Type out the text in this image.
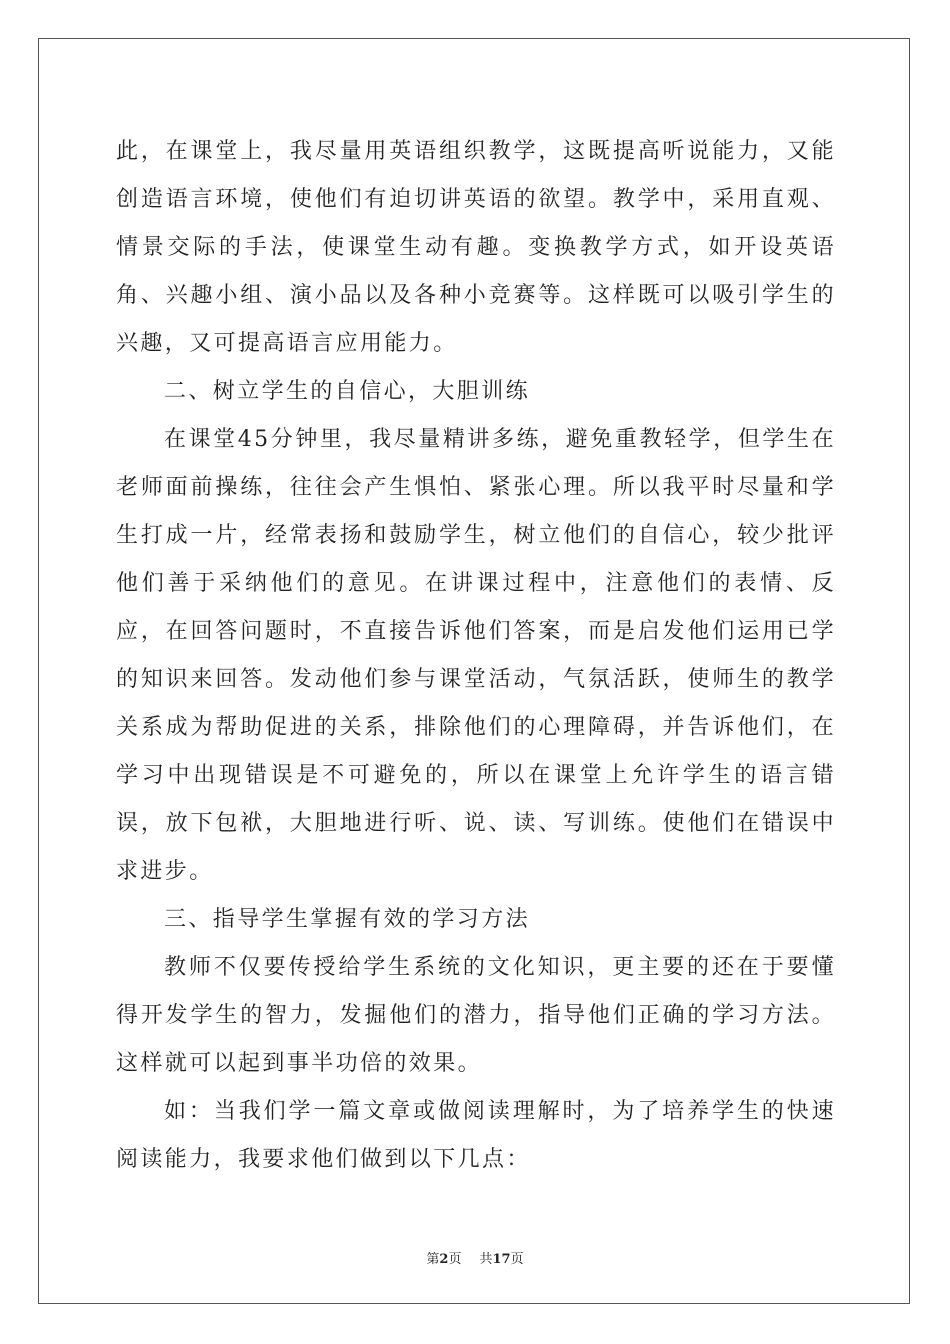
此，在课堂上，我尽量用英语组织教学，这既提高听说能力，又能创造语言环境，使他们有迫切讲英语的欲望。教学中，采用直观、情景交际的手法，使课堂生动有趣。变换教学方式，如开设英语角、兴趣小组、演小品以及各种小竞赛等。这样既可以吸引学生的兴趣，又可提高语言应用能力。

二、树立学生的自信心，大胆训练

在课堂45分钟里，我尽量精讲多练，避免重教轻学，但学生在老师面前操练，往往会产生惧怕、紧张心理。所以我平时尽量和学生打成一片，经常表扬和鼓励学生，树立他们的自信心，较少批评他们善于采纳他们的意见。在讲课过程中，注意他们的表情、反应，在回答问题时，不直接告诉他们答案，而是启发他们运用已学的知识来回答。发动他们参与课堂活动，气氛活跃，使师生的教学关系成为帮助促进的关系，排除他们的心理障碍，并告诉他们，在学习中出现错误是不可避免的，所以在课堂上允许学生的语言错误，放下包袱，大胆地进行听、说、读、写训练。使他们在错误中求进步。

三、指导学生掌握有效的学习方法

教师不仅要传授给学生系统的文化知识，更主要的还在于要懂得开发学生的智力，发掘他们的潜力，指导他们正确的学习方法。这样就可以起到事半功倍的效果。

如：当我们学一篇文章或做阅读理解时，为了培养学生的快速阅读能力，我要求他们做到以下几点：

第2页 共17页
